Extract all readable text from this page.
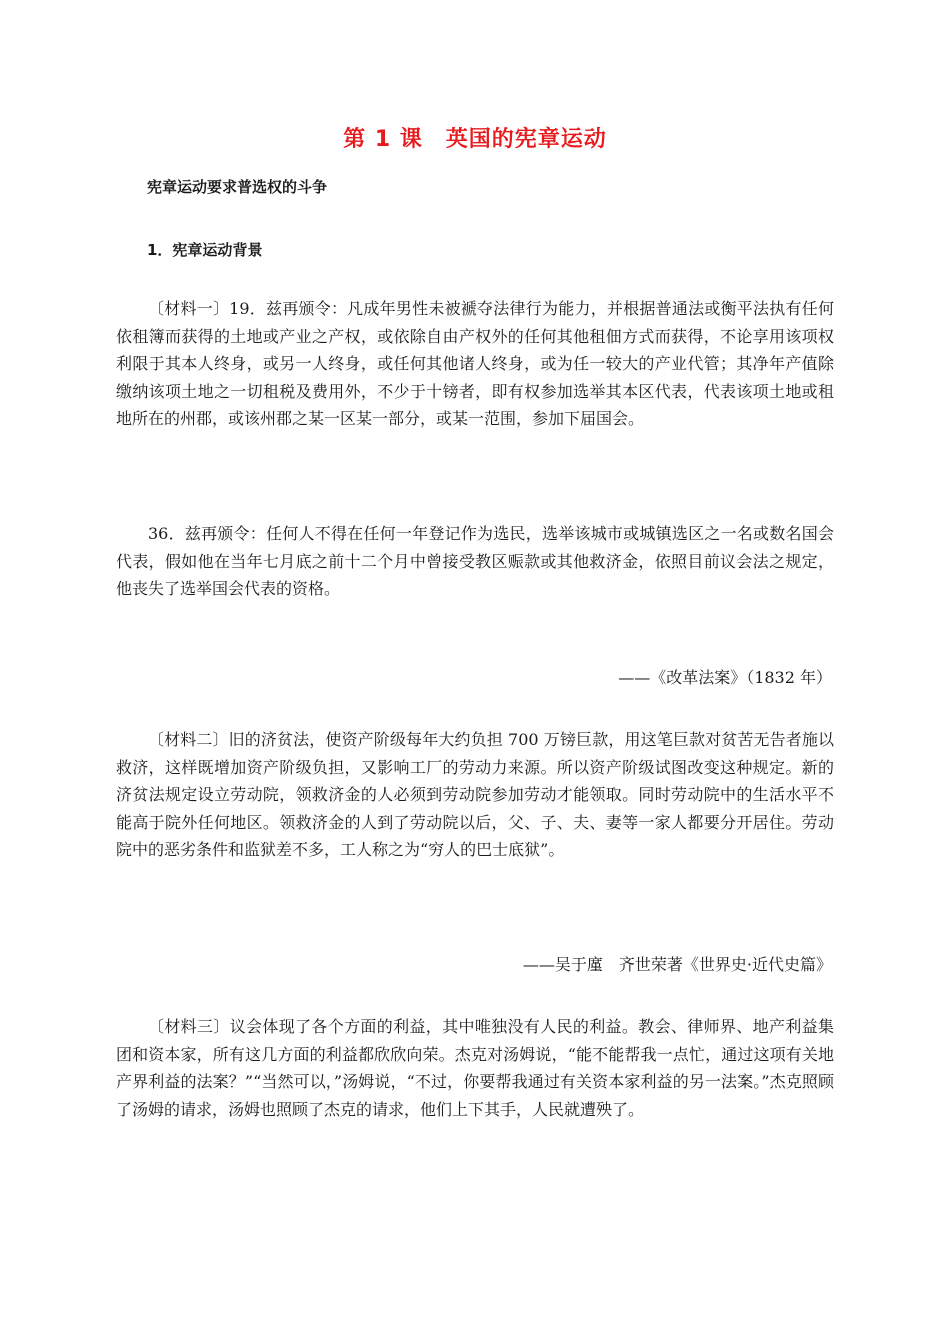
第 1 课　英国的宪章运动
宪章运动要求普选权的斗争
1．宪章运动背景

〔材料一〕19．兹再颁令：凡成年男性未被褫夺法律行为能力，并根据普通法或衡平法执有任何依租簿而获得的土地或产业之产权，或依除自由产权外的任何其他租佃方式而获得，不论享用该项权利限于其本人终身，或另一人终身，或任何其他诸人终身，或为任一较大的产业代管；其净年产值除缴纳该项土地之一切租税及费用外，不少于十镑者，即有权参加选举其本区代表，代表该项土地或租地所在的州郡，或该州郡之某一区某一部分，或某一范围，参加下届国会。

36．兹再颁令：任何人不得在任何一年登记作为选民，选举该城市或城镇选区之一名或数名国会代表，假如他在当年七月底之前十二个月中曾接受教区赈款或其他救济金，依照目前议会法之规定，他丧失了选举国会代表的资格。

——《改革法案》（1832 年）

〔材料二〕旧的济贫法，使资产阶级每年大约负担 700 万镑巨款，用这笔巨款对贫苦无告者施以救济，这样既增加资产阶级负担，又影响工厂的劳动力来源。所以资产阶级试图改变这种规定。新的济贫法规定设立劳动院，领救济金的人必须到劳动院参加劳动才能领取。同时劳动院中的生活水平不能高于院外任何地区。领救济金的人到了劳动院以后，父、子、夫、妻等一家人都要分开居住。劳动院中的恶劣条件和监狱差不多，工人称之为“穷人的巴士底狱”。

——吴于廑　齐世荣著《世界史·近代史篇》

〔材料三〕议会体现了各个方面的利益，其中唯独没有人民的利益。教会、律师界、地产利益集团和资本家，所有这几方面的利益都欣欣向荣。杰克对汤姆说，“能不能帮我一点忙，通过这项有关地产界利益的法案？”“当然可以，”汤姆说，“不过，你要帮我通过有关资本家利益的另一法案。”杰克照顾了汤姆的请求，汤姆也照顾了杰克的请求，他们上下其手，人民就遭殃了。
